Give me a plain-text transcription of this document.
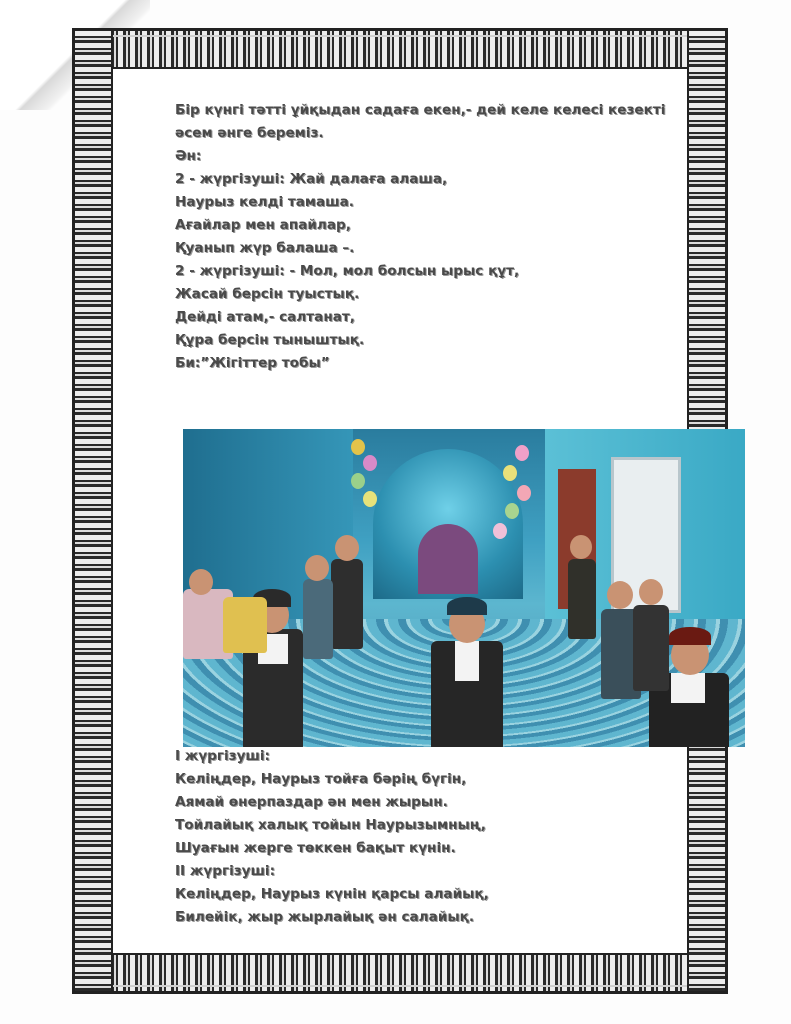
Бір күнгі тәтті ұйқыдан садаға екен,- дей келе келесі кезекті
әсем әнге береміз.
Ән:
2 - жүргізуші: Жай далаға алаша,
Наурыз келді тамаша.
Ағайлар мен апайлар,
Қуанып жүр балаша –.
2 - жүргізуші: - Мол, мол болсын ырыс құт,
Жасай берсін туыстық.
Дейді атам,- салтанат,
Құра берсін тыныштық.
Би:”Жігіттер тобы”
І жүргізуші:
Келіңдер, Наурыз тойға бәрің бүгін,
Аямай өнерпаздар ән мен жырын.
Тойлайық халық тойын Наурызымның,
Шуағын жерге төккен бақыт күнін.
ІІ жүргізуші:
Келіңдер, Наурыз күнін қарсы алайық,
Билейік, жыр жырлайық ән салайық.
